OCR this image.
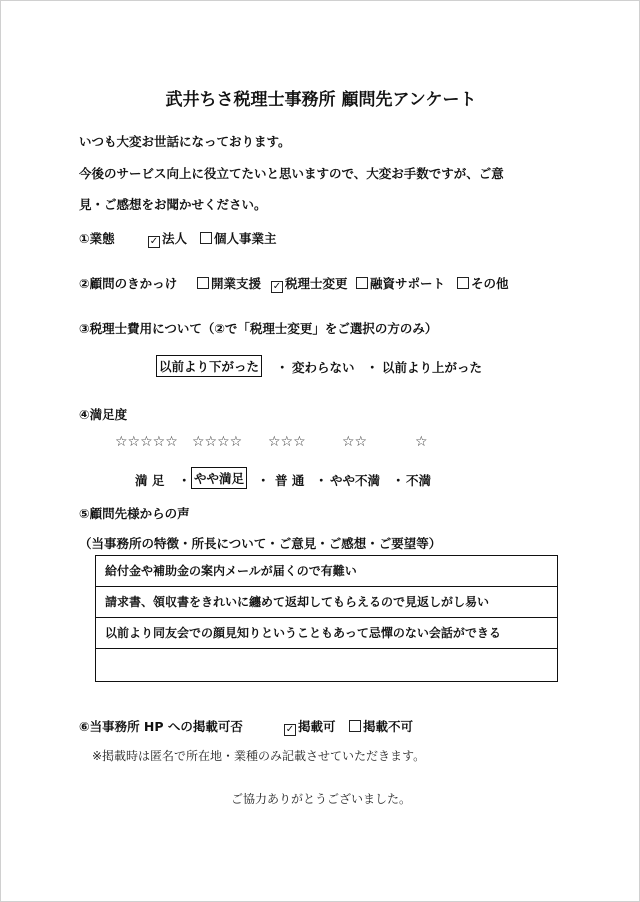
武井ちさ税理士事務所 顧問先アンケート
いつも大変お世話になっております。
今後のサービス向上に役立てたいと思いますので、大変お手数ですが、ご意
見・ご感想をお聞かせください。
①業態	✓ 法人	個人事業主
②顧問のきかっけ	開業支援 ✓ 税理士変更	融資サポート	その他
③税理士費用について（②で「税理士変更」をご選択の方のみ）
以前より下がった ・ 変わらない ・ 以前より上がった
④満足度
☆☆☆☆☆ ☆☆☆☆ ☆☆☆	☆☆	☆
満 足 ・ やや満足 ・ 普 通 ・ やや不満 ・ 不満
⑤顧問先様からの声
（当事務所の特徴・所長について・ご意見・ご感想・ご要望等）
給付金や補助金の案内メールが届くので有難い
請求書、領収書をきれいに纏めて返却してもらえるので見返しがし易い
以前より同友会での顔見知りということもあって忌憚のない会話ができる
⑥当事務所 HP への掲載可否	✓ 掲載可	掲載不可
※掲載時は匿名で所在地・業種のみ記載させていただきます。
ご協力ありがとうございました。
